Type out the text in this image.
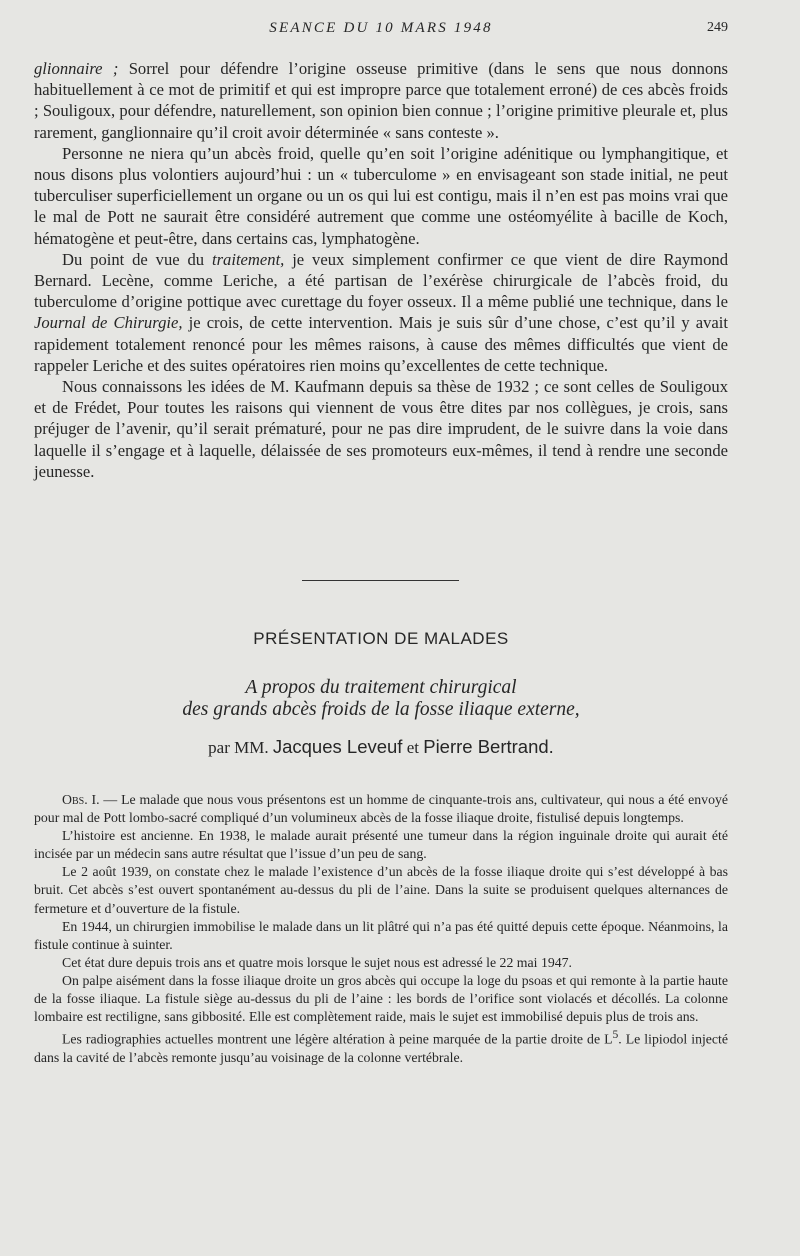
SEANCE DU 10 MARS 1948	249

glionnaire ; Sorrel pour défendre l’origine osseuse primitive (dans le sens que nous donnons habituellement à ce mot de primitif et qui est impropre parce que totalement erroné) de ces abcès froids ; Souligoux, pour défendre, naturellement, son opinion bien connue ; l’origine primitive pleurale et, plus rarement, ganglionnaire qu’il croit avoir déterminée « sans conteste ».

Personne ne niera qu’un abcès froid, quelle qu’en soit l’origine adénitique ou lymphangitique, et nous disons plus volontiers aujourd’hui : un « tuberculome » en envisageant son stade initial, ne peut tuberculiser superficiellement un organe ou un os qui lui est contigu, mais il n’en est pas moins vrai que le mal de Pott ne saurait être considéré autrement que comme une ostéomyélite à bacille de Koch, hématogène et peut-être, dans certains cas, lymphatogène.

Du point de vue du traitement, je veux simplement confirmer ce que vient de dire Raymond Bernard. Lecène, comme Leriche, a été partisan de l’exérèse chirurgicale de l’abcès froid, du tuberculome d’origine pottique avec curettage du foyer osseux. Il a même publié une technique, dans le Journal de Chirurgie, je crois, de cette intervention. Mais je suis sûr d’une chose, c’est qu’il y avait rapidement totalement renoncé pour les mêmes raisons, à cause des mêmes difficultés que vient de rappeler Leriche et des suites opératoires rien moins qu’excellentes de cette technique.

Nous connaissons les idées de M. Kaufmann depuis sa thèse de 1932 ; ce sont celles de Souligoux et de Frédet, Pour toutes les raisons qui viennent de vous être dites par nos collègues, je crois, sans préjuger de l’avenir, qu’il serait prématuré, pour ne pas dire imprudent, de le suivre dans la voie dans laquelle il s’engage et à laquelle, délaissée de ses promoteurs eux-mêmes, il tend à rendre une seconde jeunesse.

PRÉSENTATION DE MALADES
A propos du traitement chirurgical
des grands abcès froids de la fosse iliaque externe,
par MM. Jacques Leveuf et Pierre Bertrand.

Obs. I. — Le malade que nous vous présentons est un homme de cinquante-trois ans, cultivateur, qui nous a été envoyé pour mal de Pott lombo-sacré compliqué d’un volumineux abcès de la fosse iliaque droite, fistulisé depuis longtemps.

L’histoire est ancienne. En 1938, le malade aurait présenté une tumeur dans la région inguinale droite qui aurait été incisée par un médecin sans autre résultat que l’issue d’un peu de sang.

Le 2 août 1939, on constate chez le malade l’existence d’un abcès de la fosse iliaque droite qui s’est développé à bas bruit. Cet abcès s’est ouvert spontanément au-dessus du pli de l’aine. Dans la suite se produisent quelques alternances de fermeture et d’ouverture de la fistule.

En 1944, un chirurgien immobilise le malade dans un lit plâtré qui n’a pas été quitté depuis cette époque. Néanmoins, la fistule continue à suinter.

Cet état dure depuis trois ans et quatre mois lorsque le sujet nous est adressé le 22 mai 1947.

On palpe aisément dans la fosse iliaque droite un gros abcès qui occupe la loge du psoas et qui remonte à la partie haute de la fosse iliaque. La fistule siège au-dessus du pli de l’aine : les bords de l’orifice sont violacés et décollés. La colonne lombaire est rectiligne, sans gibbosité. Elle est complètement raide, mais le sujet est immobilisé depuis plus de trois ans.

Les radiographies actuelles montrent une légère altération à peine marquée de la partie droite de $L^5$. Le lipiodol injecté dans la cavité de l’abcès remonte jusqu’au voisinage de la colonne vertébrale.
